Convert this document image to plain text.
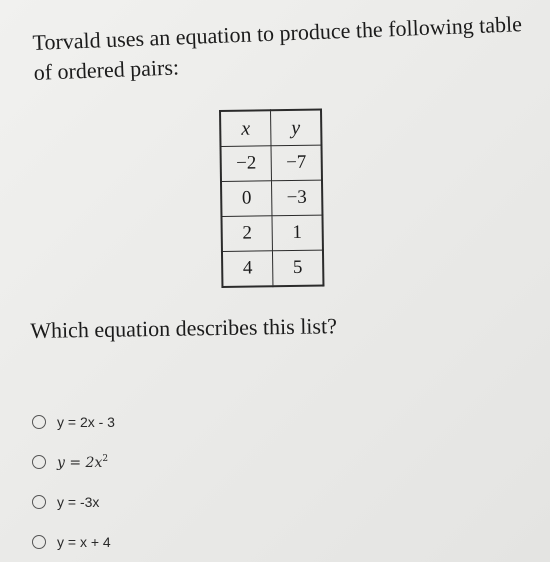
Torvald uses an equation to produce the following table of ordered pairs:
x	y
−2	−7
0	−3
2	1
4	5
Which equation describes this list?
y = 2x - 3
$y = 2x^2$
y = -3x
y = x + 4
